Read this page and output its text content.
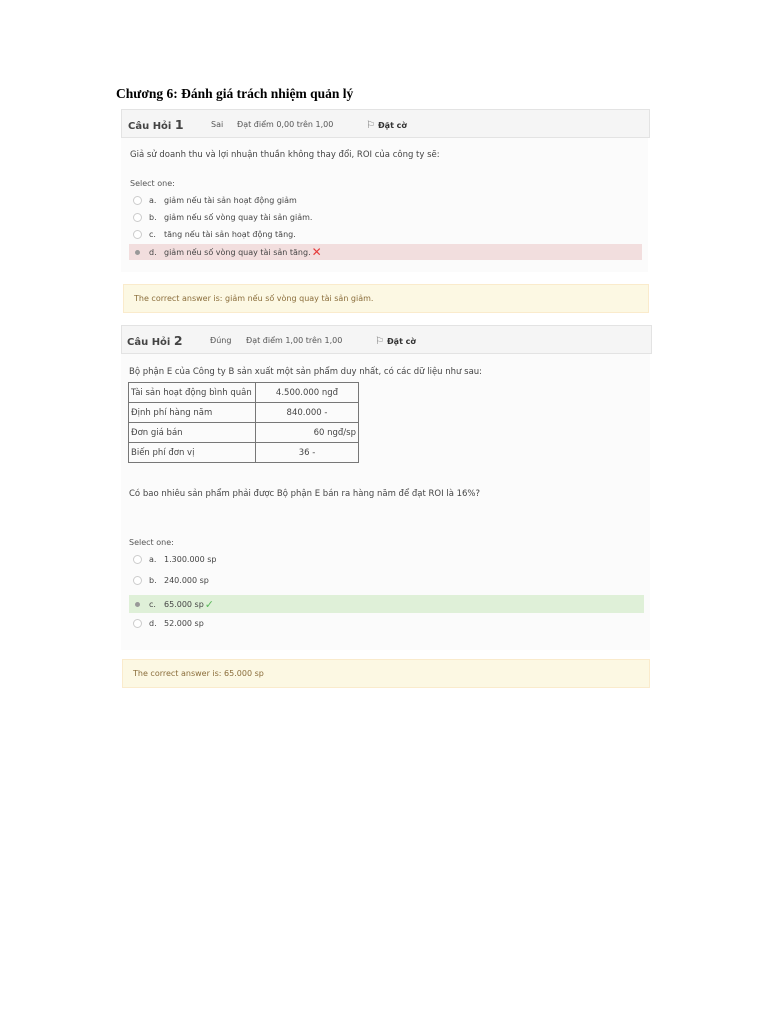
Chương 6: Đánh giá trách nhiệm quản lý
Câu Hỏi 1	Sai Đạt điểm 0,00 trên 1,00	⚐ Đặt cờ
Giả sử doanh thu và lợi nhuận thuần không thay đổi, ROI của công ty sẽ:
Select one:
a. giảm nếu tài sản hoạt động giảm
b. giảm nếu số vòng quay tài sản giảm.
c.	tăng nếu tài sản hoạt động tăng.
d. giảm nếu số vòng quay tài sản tăng. ✕
The correct answer is: giảm nếu số vòng quay tài sản giảm.
Câu Hỏi 2	Đúng Đạt điểm 1,00 trên 1,00	⚐ Đặt cờ
Bộ phận E của Công ty B sản xuất một sản phẩm duy nhất, có các dữ liệu như sau:
Tài sản hoạt động bình quân	4.500.000 ngđ
Định phí hàng năm	840.000 -
Đơn giá bán	60 ngđ/sp
Biến phí đơn vị	36 -
Có bao nhiêu sản phẩm phải được Bộ phận E bán ra hàng năm để đạt ROI là 16%?
Select one:
a. 1.300.000 sp
b. 240.000 sp
c.	65.000 sp ✓
d. 52.000 sp
The correct answer is: 65.000 sp
